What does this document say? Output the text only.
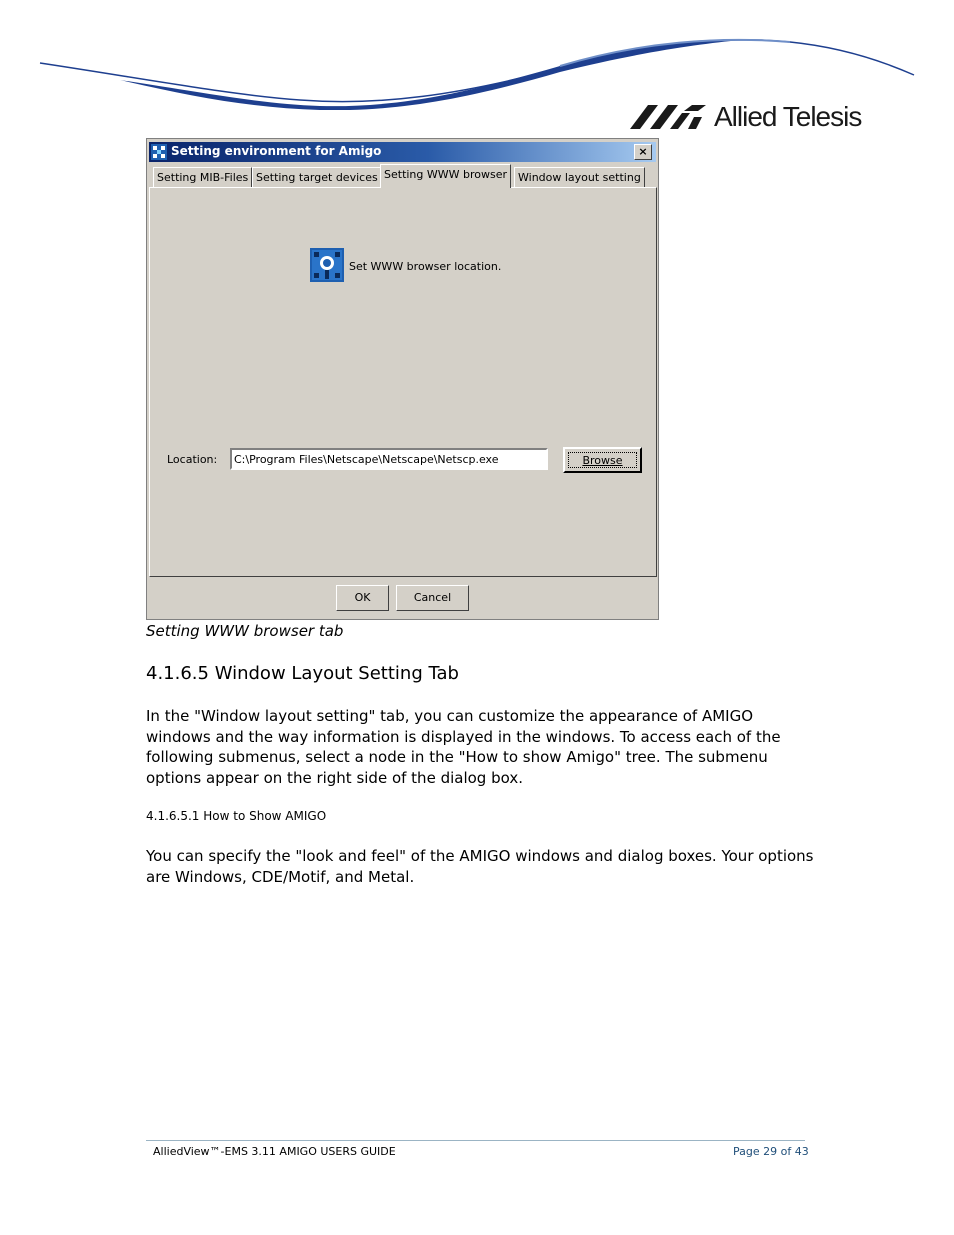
Allied Telesis
Setting environment for Amigo	×
Setting MIB-Files Setting target devices Setting WWW browser Window layout setting
Set WWW browser location.
Location:
C:\Program Files\Netscape\Netscape\Netscp.exe	Browse
OK	Cancel
Setting WWW browser tab
4.1.6.5 Window Layout Setting Tab

In the "Window layout setting" tab, you can customize the appearance of AMIGO windows and the way information is displayed in the windows. To access each of the following submenus, select a node in the "How to show Amigo" tree. The submenu options appear on the right side of the dialog box.

4.1.6.5.1 How to Show AMIGO

You can specify the "look and feel" of the AMIGO windows and dialog boxes. Your options are Windows, CDE/Motif, and Metal.

AlliedView™-EMS 3.11 AMIGO USERS GUIDE	Page 29 of 43
